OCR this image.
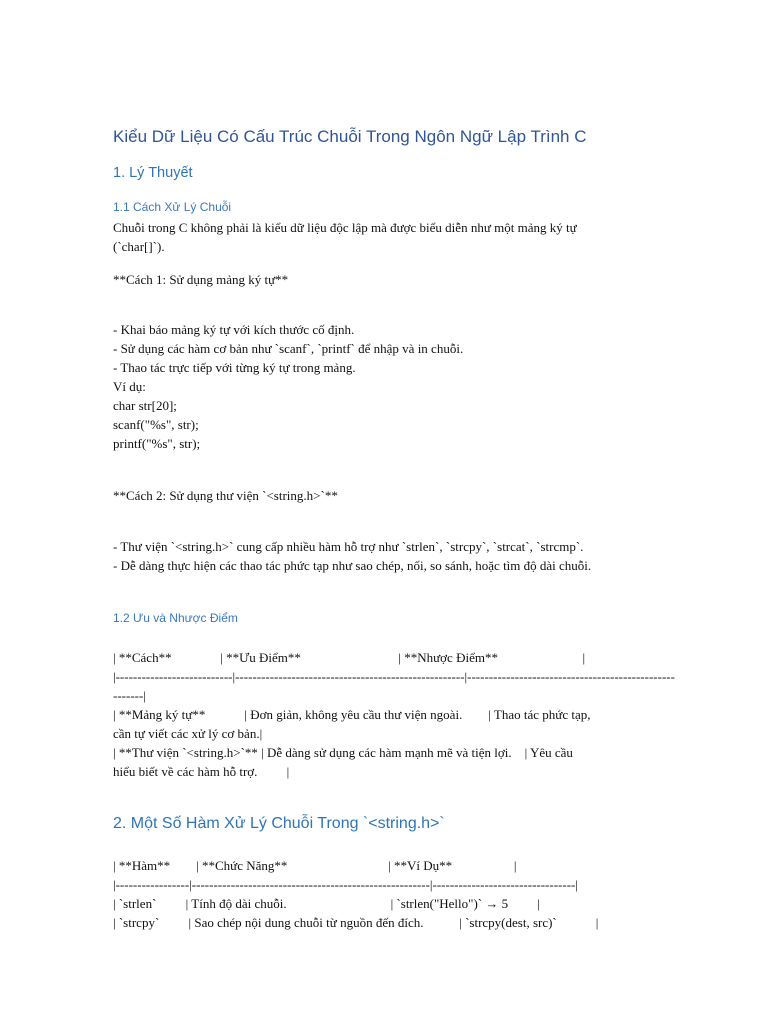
Kiểu Dữ Liệu Có Cấu Trúc Chuỗi Trong Ngôn Ngữ Lập Trình C
1. Lý Thuyết
1.1 Cách Xử Lý Chuỗi
Chuỗi trong C không phải là kiểu dữ liệu độc lập mà được biểu diễn như một mảng ký tự
(`char[]`).
**Cách 1: Sử dụng mảng ký tự**
- Khai báo mảng ký tự với kích thước cố định.
- Sử dụng các hàm cơ bản như `scanf`, `printf` để nhập và in chuỗi.
- Thao tác trực tiếp với từng ký tự trong mảng.
Ví dụ:
char str[20];
scanf("%s", str);
printf("%s", str);
**Cách 2: Sử dụng thư viện `<string.h>`**
- Thư viện `<string.h>` cung cấp nhiều hàm hỗ trợ như `strlen`, `strcpy`, `strcat`, `strcmp`.
- Dễ dàng thực hiện các thao tác phức tạp như sao chép, nối, so sánh, hoặc tìm độ dài chuỗi.
1.2 Ưu và Nhược Điểm
| **Cách**               | **Ưu Điểm**                              | **Nhược Điểm**                          |
|---------------------------|-----------------------------------------------------|------------------------------------------------
-------|
| **Mảng ký tự**            | Đơn giản, không yêu cầu thư viện ngoài.        | Thao tác phức tạp,
cần tự viết các xử lý cơ bản.|
| **Thư viện `<string.h>`** | Dễ dàng sử dụng các hàm mạnh mẽ và tiện lợi.    | Yêu cầu
hiểu biết về các hàm hỗ trợ.         |
2. Một Số Hàm Xử Lý Chuỗi Trong `<string.h>`
| **Hàm**        | **Chức Năng**                               | **Ví Dụ**                   |
|-----------------|-------------------------------------------------------|---------------------------------|
| `strlen`         | Tính độ dài chuỗi.                                | `strlen("Hello")` → 5         |
| `strcpy`         | Sao chép nội dung chuỗi từ nguồn đến đích.           | `strcpy(dest, src)`            |
